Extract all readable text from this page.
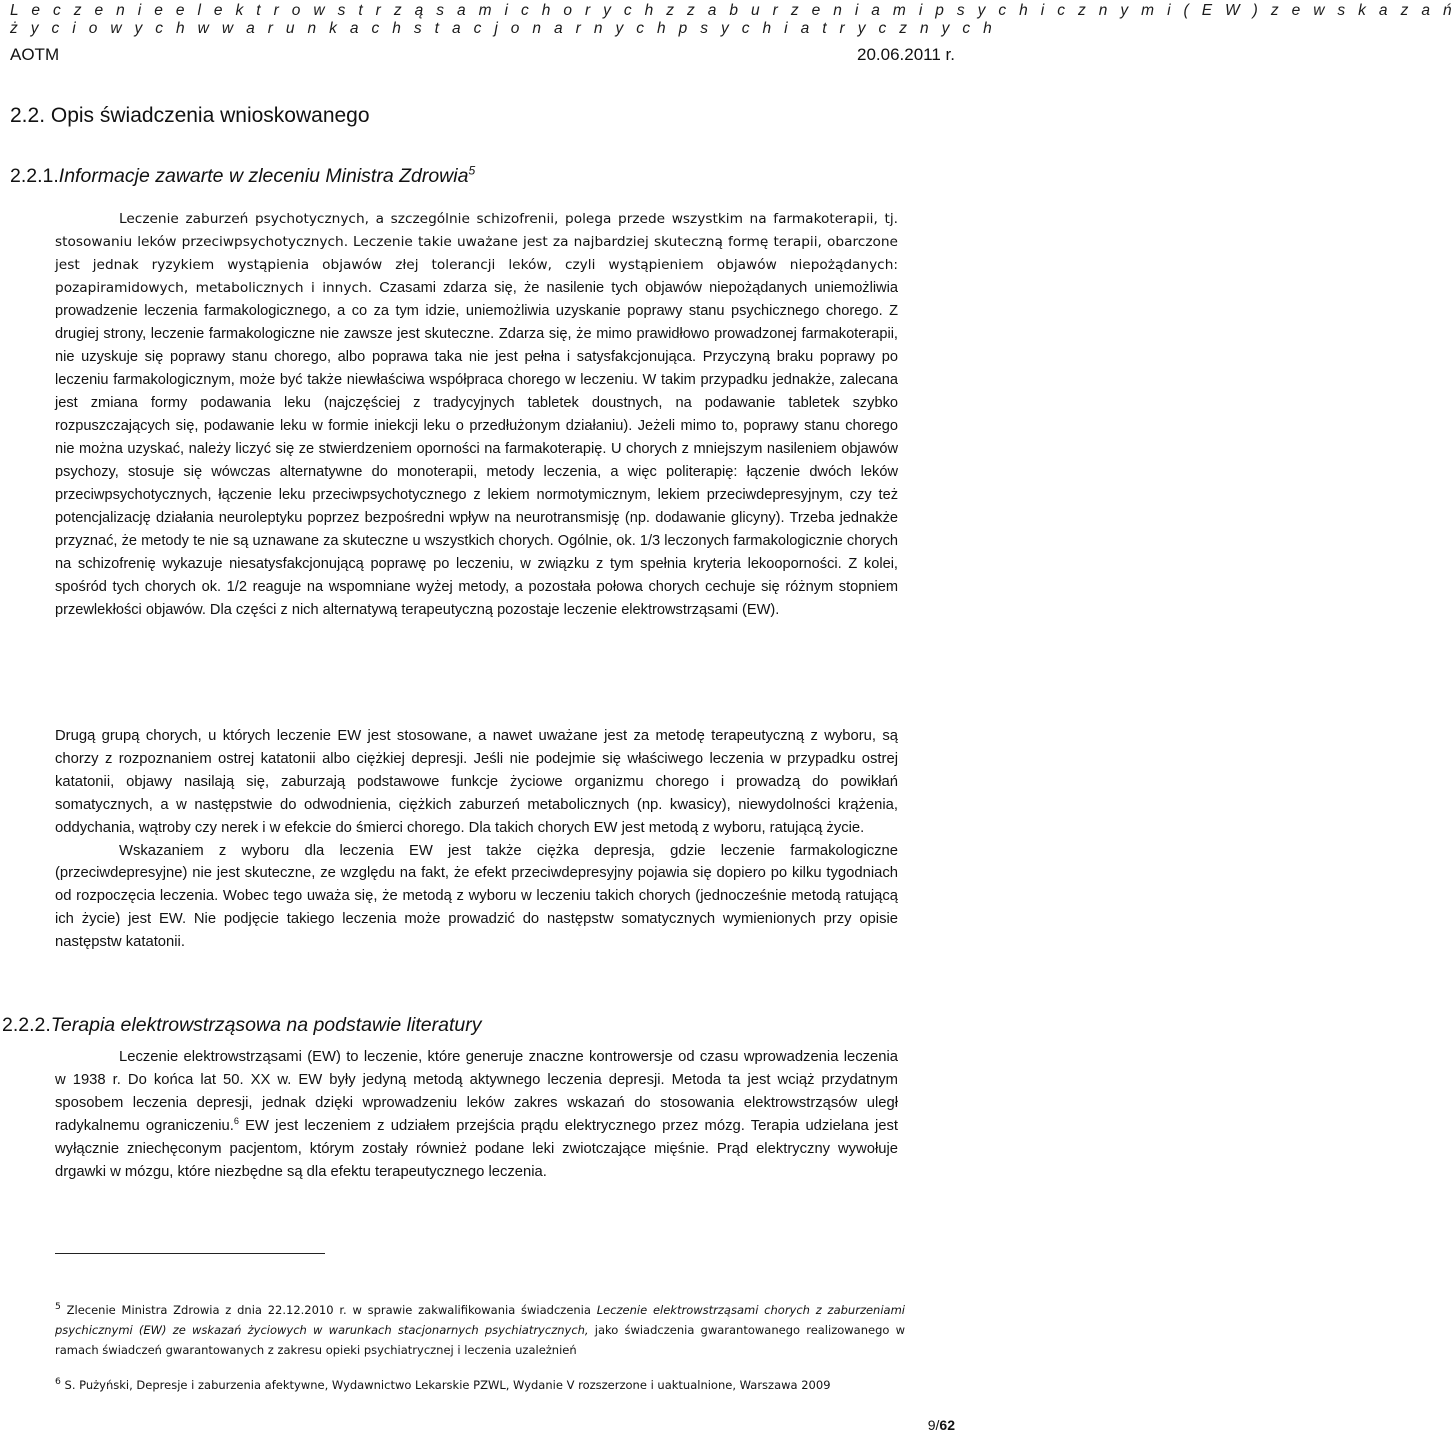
L e c z e n i e e l e k t r o w s t r z ą s a m i c h o r y c h z z a b u r z e n i a m i p s y c h i c z n y m i ( E W ) z e w s k a z a ń
ż y c i o w y c h w w a r u n k a c h s t a c j o n a r n y c h p s y c h i a t r y c z n y c h
AOTM	20.06.2011 r.
2.2. Opis świadczenia wnioskowanego
2.2.1.Informacje zawarte w zleceniu Ministra Zdrowia$^5$

Leczenie zaburzeń psychotycznych, a szczególnie schizofrenii, polega przede wszystkim na farmakoterapii, tj. stosowaniu leków przeciwpsychotycznych. Leczenie takie uważane jest za najbardziej skuteczną formę terapii, obarczone jest jednak ryzykiem wystąpienia objawów złej tolerancji leków, czyli wystąpieniem objawów niepożądanych: pozapiramidowych, metabolicznych i innych. Czasami zdarza się, że nasilenie tych objawów niepożądanych uniemożliwia prowadzenie leczenia farmakologicznego, a co za tym idzie, uniemożliwia uzyskanie poprawy stanu psychicznego chorego. Z drugiej strony, leczenie farmakologiczne nie zawsze jest skuteczne. Zdarza się, że mimo prawidłowo prowadzonej farmakoterapii, nie uzyskuje się poprawy stanu chorego, albo poprawa taka nie jest pełna i satysfakcjonująca. Przyczyną braku poprawy po leczeniu farmakologicznym, może być także niewłaściwa współpraca chorego w leczeniu. W takim przypadku jednakże, zalecana jest zmiana formy podawania leku (najczęściej z tradycyjnych tabletek doustnych, na podawanie tabletek szybko rozpuszczających się, podawanie leku w formie iniekcji leku o przedłużonym działaniu). Jeżeli mimo to, poprawy stanu chorego nie można uzyskać, należy liczyć się ze stwierdzeniem oporności na farmakoterapię. U chorych z mniejszym nasileniem objawów psychozy, stosuje się wówczas alternatywne do monoterapii, metody leczenia, a więc politerapię: łączenie dwóch leków przeciwpsychotycznych, łączenie leku przeciwpsychotycznego z lekiem normotymicznym, lekiem przeciwdepresyjnym, czy też potencjalizację działania neuroleptyku poprzez bezpośredni wpływ na neurotransmisję (np. dodawanie glicyny). Trzeba jednakże przyznać, że metody te nie są uznawane za skuteczne u wszystkich chorych. Ogólnie, ok. 1/3 leczonych farmakologicznie chorych na schizofrenię wykazuje niesatysfakcjonującą poprawę po leczeniu, w związku z tym spełnia kryteria lekooporności. Z kolei, spośród tych chorych ok. 1/2 reaguje na wspomniane wyżej metody, a pozostała połowa chorych cechuje się różnym stopniem przewlekłości objawów. Dla części z nich alternatywą terapeutyczną pozostaje leczenie elektrowstrząsami (EW).

Drugą grupą chorych, u których leczenie EW jest stosowane, a nawet uważane jest za metodę terapeutyczną z wyboru, są chorzy z rozpoznaniem ostrej katatonii albo ciężkiej depresji. Jeśli nie podejmie się właściwego leczenia w przypadku ostrej katatonii, objawy nasilają się, zaburzają podstawowe funkcje życiowe organizmu chorego i prowadzą do powikłań somatycznych, a w następstwie do odwodnienia, ciężkich zaburzeń metabolicznych (np. kwasicy), niewydolności krążenia, oddychania, wątroby czy nerek i w efekcie do śmierci chorego. Dla takich chorych EW jest metodą z wyboru, ratującą życie.

Wskazaniem z wyboru dla leczenia EW jest także ciężka depresja, gdzie leczenie farmakologiczne (przeciwdepresyjne) nie jest skuteczne, ze względu na fakt, że efekt przeciwdepresyjny pojawia się dopiero po kilku tygodniach od rozpoczęcia leczenia. Wobec tego uważa się, że metodą z wyboru w leczeniu takich chorych (jednocześnie metodą ratującą ich życie) jest EW. Nie podjęcie takiego leczenia może prowadzić do następstw somatycznych wymienionych przy opisie następstw katatonii.

2.2.2.Terapia elektrowstrząsowa na podstawie literatury

Leczenie elektrowstrząsami (EW) to leczenie, które generuje znaczne kontrowersje od czasu wprowadzenia leczenia w 1938 r. Do końca lat 50. XX w. EW były jedyną metodą aktywnego leczenia depresji. Metoda ta jest wciąż przydatnym sposobem leczenia depresji, jednak dzięki wprowadzeniu leków zakres wskazań do stosowania elektrowstrząsów uległ radykalnemu ograniczeniu.$^6$ EW jest leczeniem z udziałem przejścia prądu elektrycznego przez mózg. Terapia udzielana jest wyłącznie zniechęconym pacjentom, którym zostały również podane leki zwiotczające mięśnie. Prąd elektryczny wywołuje drgawki w mózgu, które niezbędne są dla efektu terapeutycznego leczenia.

$^5$ Zlecenie Ministra Zdrowia z dnia 22.12.2010 r. w sprawie zakwalifikowania świadczenia Leczenie elektrowstrząsami chorych z zaburzeniami psychicznymi (EW) ze wskazań życiowych w warunkach stacjonarnych psychiatrycznych, jako świadczenia gwarantowanego realizowanego w ramach świadczeń gwarantowanych z zakresu opieki psychiatrycznej i leczenia uzależnień

$^6$ S. Pużyński, Depresje i zaburzenia afektywne, Wydawnictwo Lekarskie PZWL, Wydanie V rozszerzone i uaktualnione, Warszawa 2009

9/62
